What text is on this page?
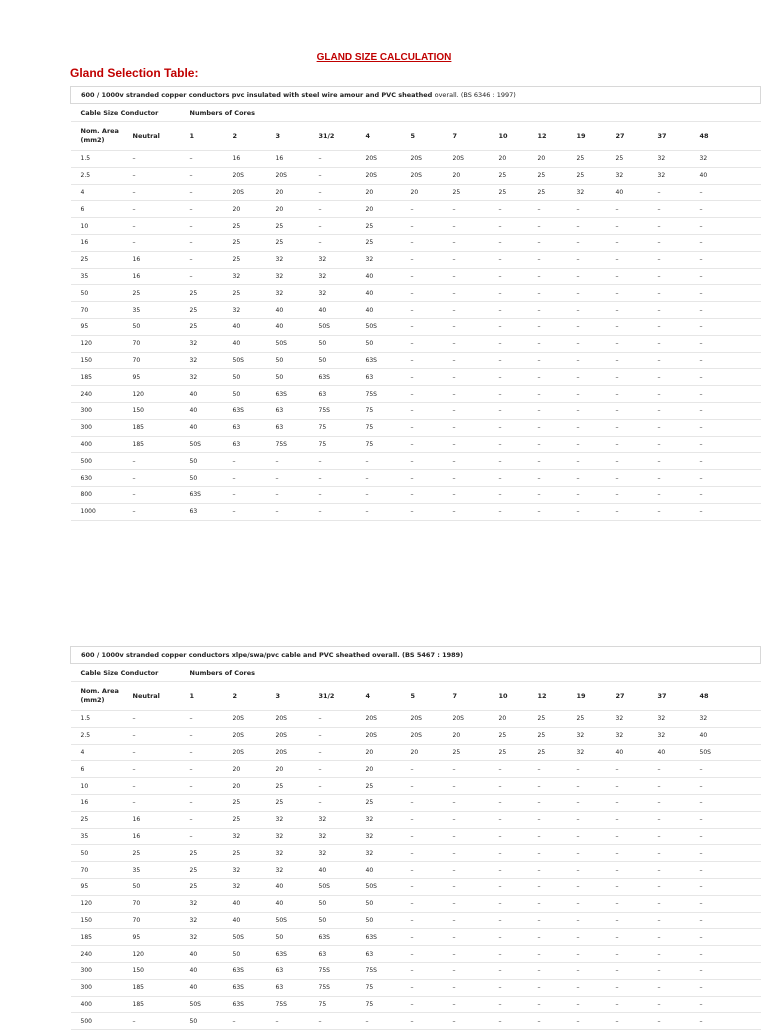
GLAND SIZE CALCULATION
Gland Selection Table:
600 / 1000v stranded copper conductors pvc insulated with steel wire amour and PVC sheathed overall. (BS 6346 : 1997)														
Cable Size Conductor		Numbers of Cores												
Nom. Area (mm2)	Neutral	1	2	3	31/2	4	5	7	10	12	19	27	37	48
1.5	–	–	16	16	–	20S	20S	20S	20	20	25	25	32	32
2.5	–	–	20S	20S	–	20S	20S	20	25	25	25	32	32	40
4	–	–	20S	20	–	20	20	25	25	25	32	40	–	–
6	–	–	20	20	–	20	–	–	–	–	–	–	–	–
10	–	–	25	25	–	25	–	–	–	–	–	–	–	–
16	–	–	25	25	–	25	–	–	–	–	–	–	–	–
25	16	–	25	32	32	32	–	–	–	–	–	–	–	–
35	16	–	32	32	32	40	–	–	–	–	–	–	–	–
50	25	25	25	32	32	40	–	–	–	–	–	–	–	–
70	35	25	32	40	40	40	–	–	–	–	–	–	–	–
95	50	25	40	40	50S	50S	–	–	–	–	–	–	–	–
120	70	32	40	50S	50	50	–	–	–	–	–	–	–	–
150	70	32	50S	50	50	63S	–	–	–	–	–	–	–	–
185	95	32	50	50	63S	63	–	–	–	–	–	–	–	–
240	120	40	50	63S	63	75S	–	–	–	–	–	–	–	–
300	150	40	63S	63	75S	75	–	–	–	–	–	–	–	–
300	185	40	63	63	75	75	–	–	–	–	–	–	–	–
400	185	50S	63	75S	75	75	–	–	–	–	–	–	–	–
500	–	50	–	–	–	–	–	–	–	–	–	–	–	–
630	–	50	–	–	–	–	–	–	–	–	–	–	–	–
800	–	63S	–	–	–	–	–	–	–	–	–	–	–	–
1000	–	63	–	–	–	–	–	–	–	–	–	–	–	–
600 / 1000v stranded copper conductors xlpe/swa/pvc cable and PVC sheathed overall. (BS 5467 : 1989)														
Cable Size Conductor		Numbers of Cores												
Nom. Area (mm2)	Neutral	1	2	3	31/2	4	5	7	10	12	19	27	37	48
1.5	–	–	20S	20S	–	20S	20S	20S	20	25	25	32	32	32
2.5	–	–	20S	20S	–	20S	20S	20	25	25	32	32	32	40
4	–	–	20S	20S	–	20	20	25	25	25	32	40	40	50S
6	–	–	20	20	–	20	–	–	–	–	–	–	–	–
10	–	–	20	25	–	25	–	–	–	–	–	–	–	–
16	–	–	25	25	–	25	–	–	–	–	–	–	–	–
25	16	–	25	32	32	32	–	–	–	–	–	–	–	–
35	16	–	32	32	32	32	–	–	–	–	–	–	–	–
50	25	25	25	32	32	32	–	–	–	–	–	–	–	–
70	35	25	32	32	40	40	–	–	–	–	–	–	–	–
95	50	25	32	40	50S	50S	–	–	–	–	–	–	–	–
120	70	32	40	40	50	50	–	–	–	–	–	–	–	–
150	70	32	40	50S	50	50	–	–	–	–	–	–	–	–
185	95	32	50S	50	63S	63S	–	–	–	–	–	–	–	–
240	120	40	50	63S	63	63	–	–	–	–	–	–	–	–
300	150	40	63S	63	75S	75S	–	–	–	–	–	–	–	–
300	185	40	63S	63	75S	75	–	–	–	–	–	–	–	–
400	185	50S	63S	75S	75	75	–	–	–	–	–	–	–	–
500	–	50	–	–	–	–	–	–	–	–	–	–	–	–
